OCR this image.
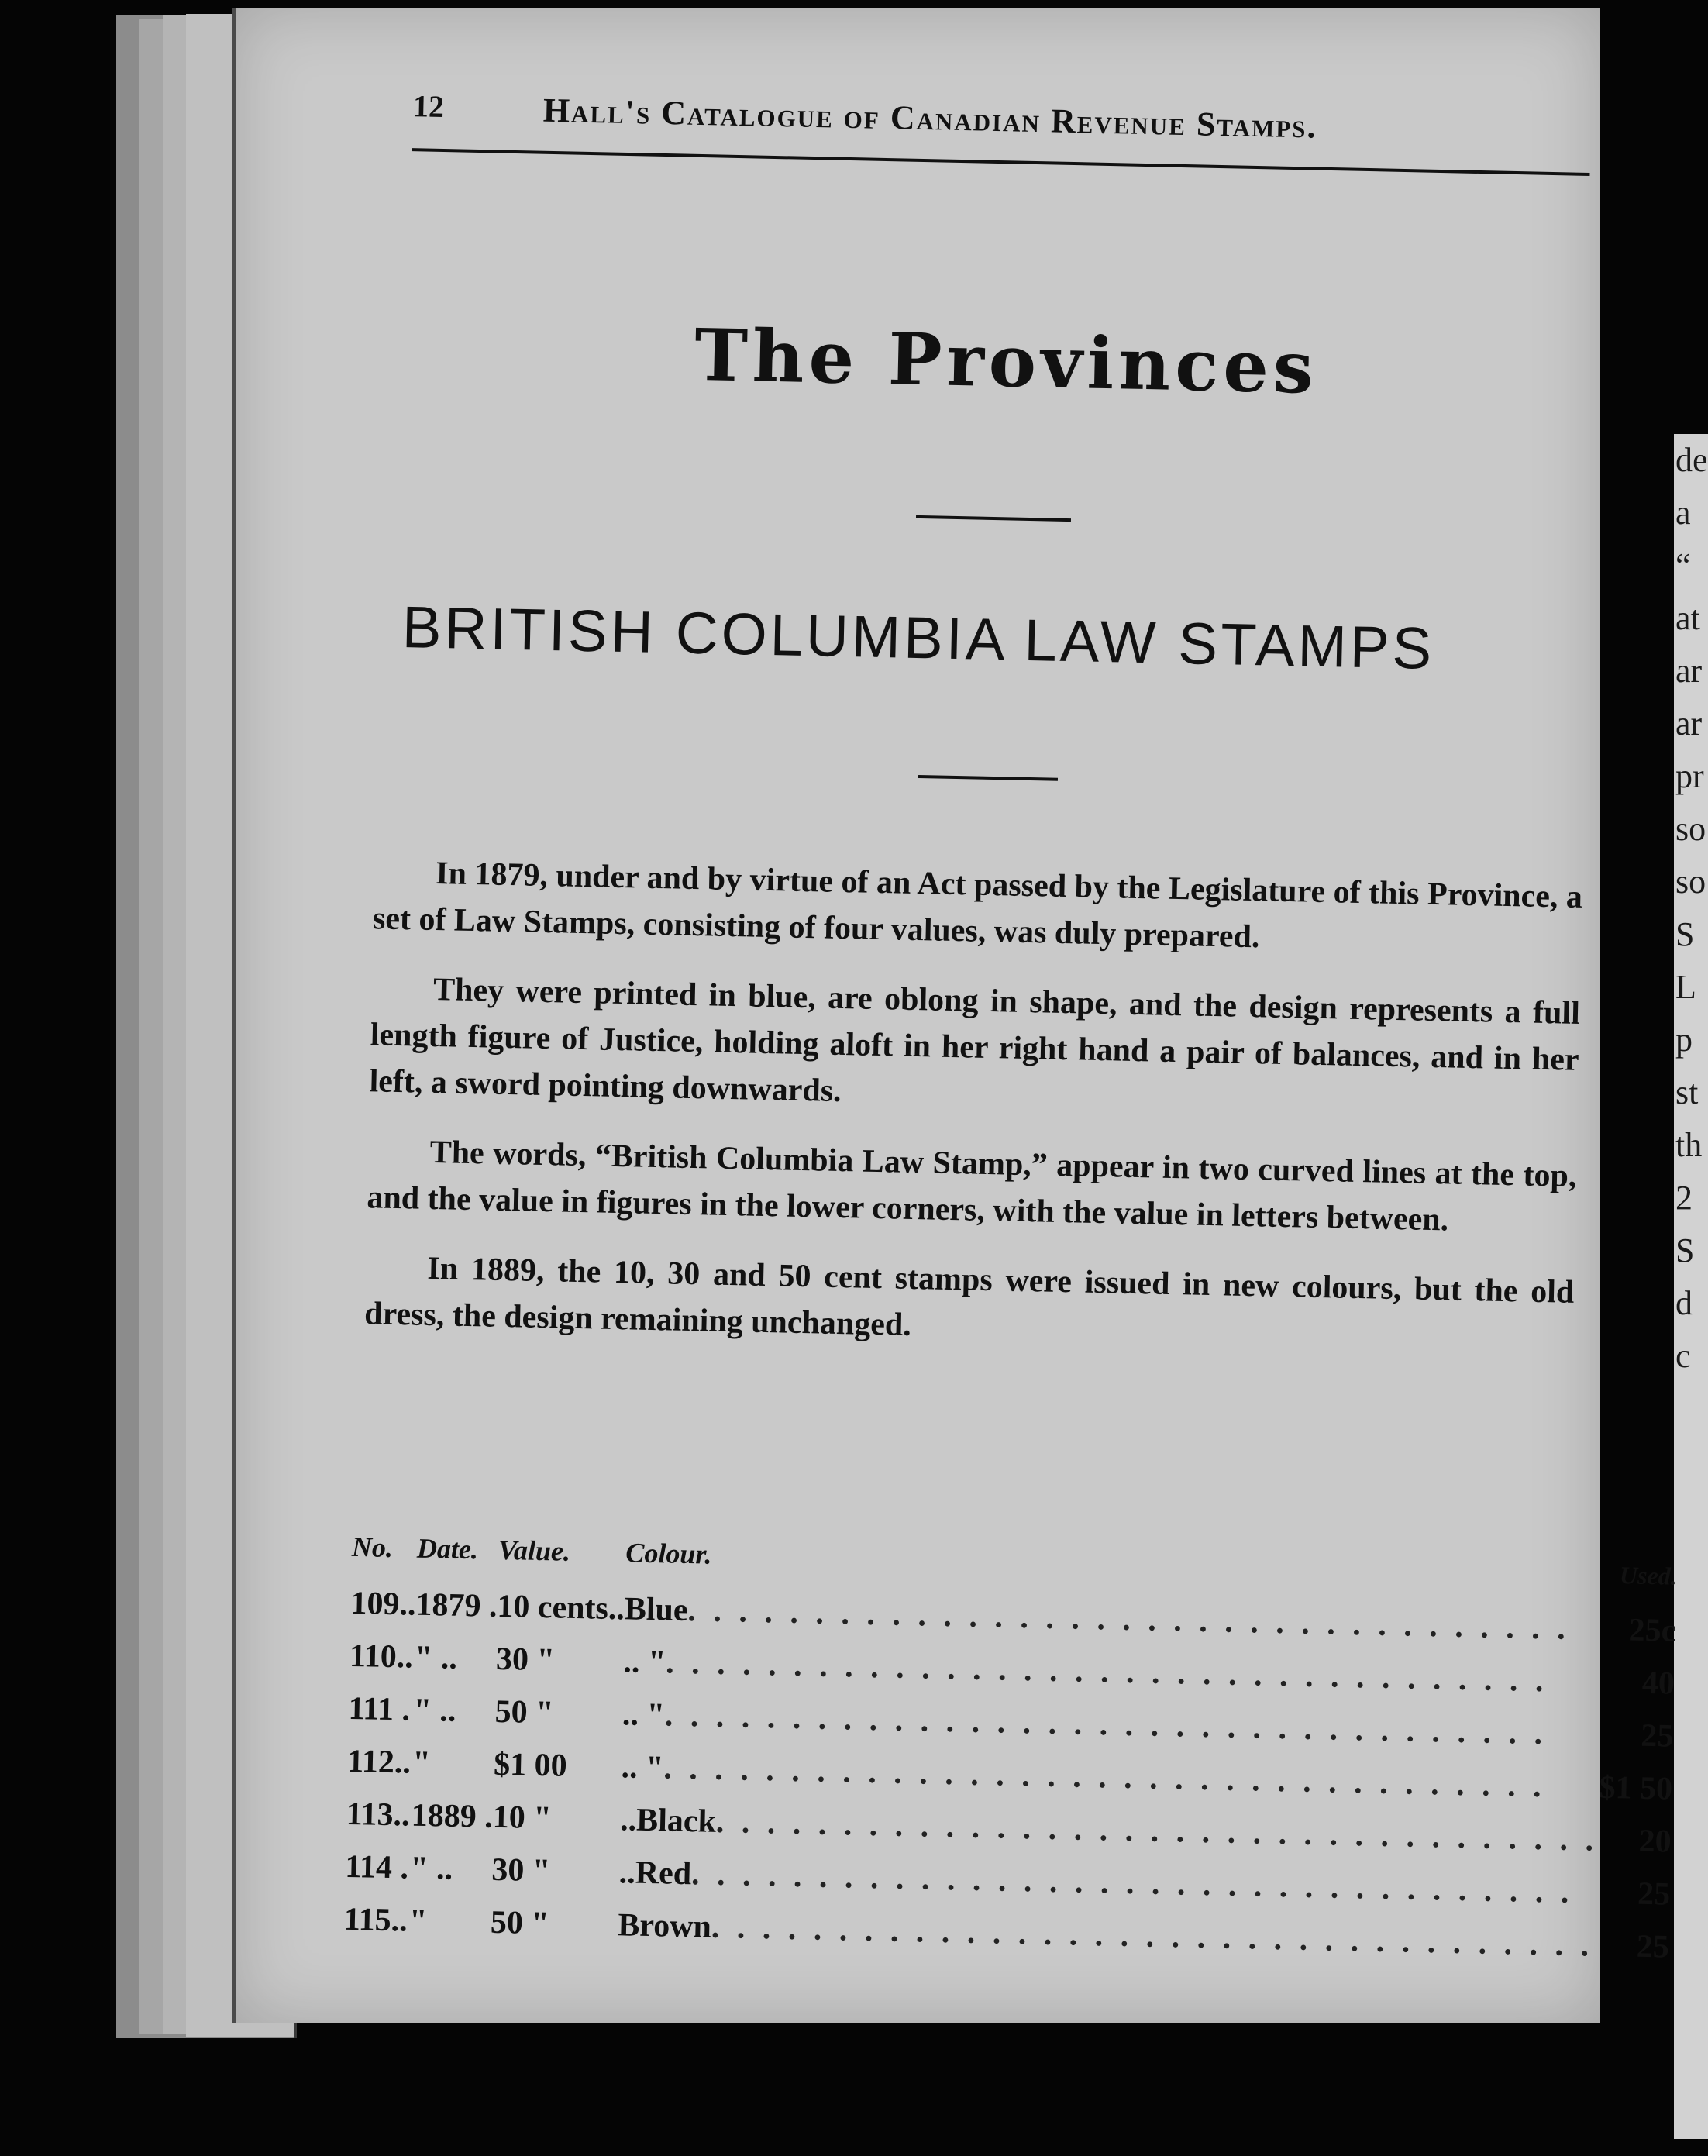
de
a
“
at
ar
ar
pr
so
so
S
L
p
st
th
2
S
d
c
12	Hall's Catalogue of Canadian Revenue Stamps.
The Provinces
BRITISH COLUMBIA LAW STAMPS

In 1879, under and by virtue of an Act passed by the Legislature of this Province, a set of Law Stamps, consisting of four values, was duly prepared.

They were printed in blue, are oblong in shape, and the design represents a full length figure of Justice, holding aloft in her right hand a pair of balances, and in her left, a sword pointing downwards.

The words, “British Columbia Law Stamp,” appear in two curved lines at the top, and the value in figures in the lower corners, with the value in letters between.

In 1889, the 10, 30 and 50 cent stamps were issued in new colours, but the old dress, the design remaining unchanged.

No.	Date.	Value.	Colour.	Used.
109..	1879 .	10 cents..	Blue. . . . . . . . . . . . . . . . . . . . . . . . . . . . . . . . . . .	25c
110..	" ..	30 "	.. ". . . . . . . . . . . . . . . . . . . . . . . . . . . . . . . . . . .	40
111 .	" ..	50 "	.. ". . . . . . . . . . . . . . . . . . . . . . . . . . . . . . . . . . .	25
112..	"	$1 00	.. ". . . . . . . . . . . . . . . . . . . . . . . . . . . . . . . . . . .	$1 50
113..	1889 .	10 "	..Black. . . . . . . . . . . . . . . . . . . . . . . . . . . . . . . . . . .	20
114 .	" ..	30 "	..Red. . . . . . . . . . . . . . . . . . . . . . . . . . . . . . . . . . .	25
115..	"	50 "	Brown. . . . . . . . . . . . . . . . . . . . . . . . . . . . . . . . . . .	25
